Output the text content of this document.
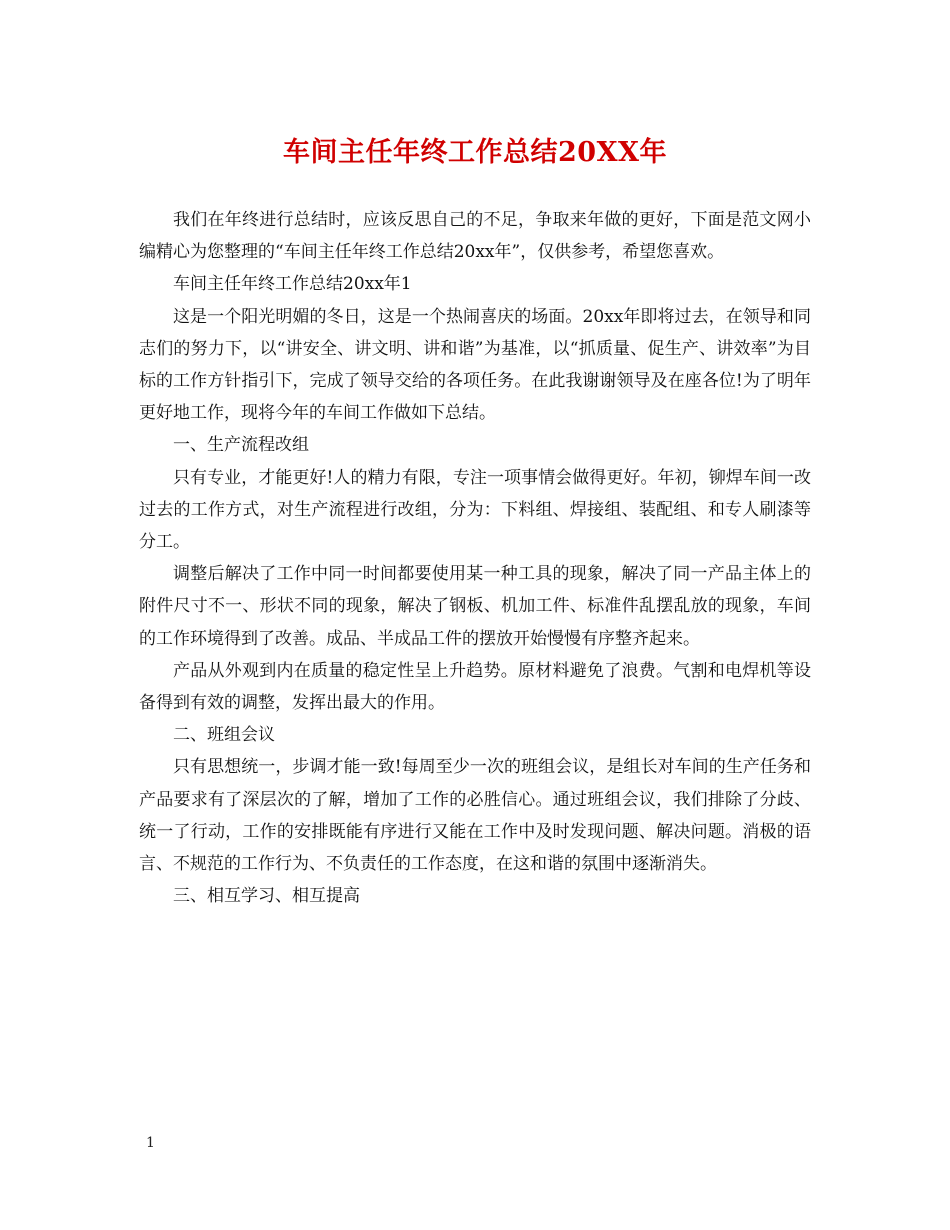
车间主任年终工作总结20XX年

我们在年终进行总结时，应该反思自己的不足，争取来年做的更好，下面是范文网小编精心为您整理的“车间主任年终工作总结20xx年”，仅供参考，希望您喜欢。

车间主任年终工作总结20xx年1

这是一个阳光明媚的冬日，这是一个热闹喜庆的场面。20xx年即将过去，在领导和同志们的努力下，以“讲安全、讲文明、讲和谐”为基准，以“抓质量、促生产、讲效率”为目标的工作方针指引下，完成了领导交给的各项任务。在此我谢谢领导及在座各位!为了明年更好地工作，现将今年的车间工作做如下总结。

一、生产流程改组

只有专业，才能更好!人的精力有限，专注一项事情会做得更好。年初，铆焊车间一改过去的工作方式，对生产流程进行改组，分为：下料组、焊接组、装配组、和专人刷漆等分工。

调整后解决了工作中同一时间都要使用某一种工具的现象，解决了同一产品主体上的附件尺寸不一、形状不同的现象，解决了钢板、机加工件、标准件乱摆乱放的现象，车间的工作环境得到了改善。成品、半成品工件的摆放开始慢慢有序整齐起来。

产品从外观到内在质量的稳定性呈上升趋势。原材料避免了浪费。气割和电焊机等设备得到有效的调整，发挥出最大的作用。

二、班组会议

只有思想统一，步调才能一致!每周至少一次的班组会议，是组长对车间的生产任务和产品要求有了深层次的了解，增加了工作的必胜信心。通过班组会议，我们排除了分歧、统一了行动，工作的安排既能有序进行又能在工作中及时发现问题、解决问题。消极的语言、不规范的工作行为、不负责任的工作态度，在这和谐的氛围中逐渐消失。

三、相互学习、相互提高

1
